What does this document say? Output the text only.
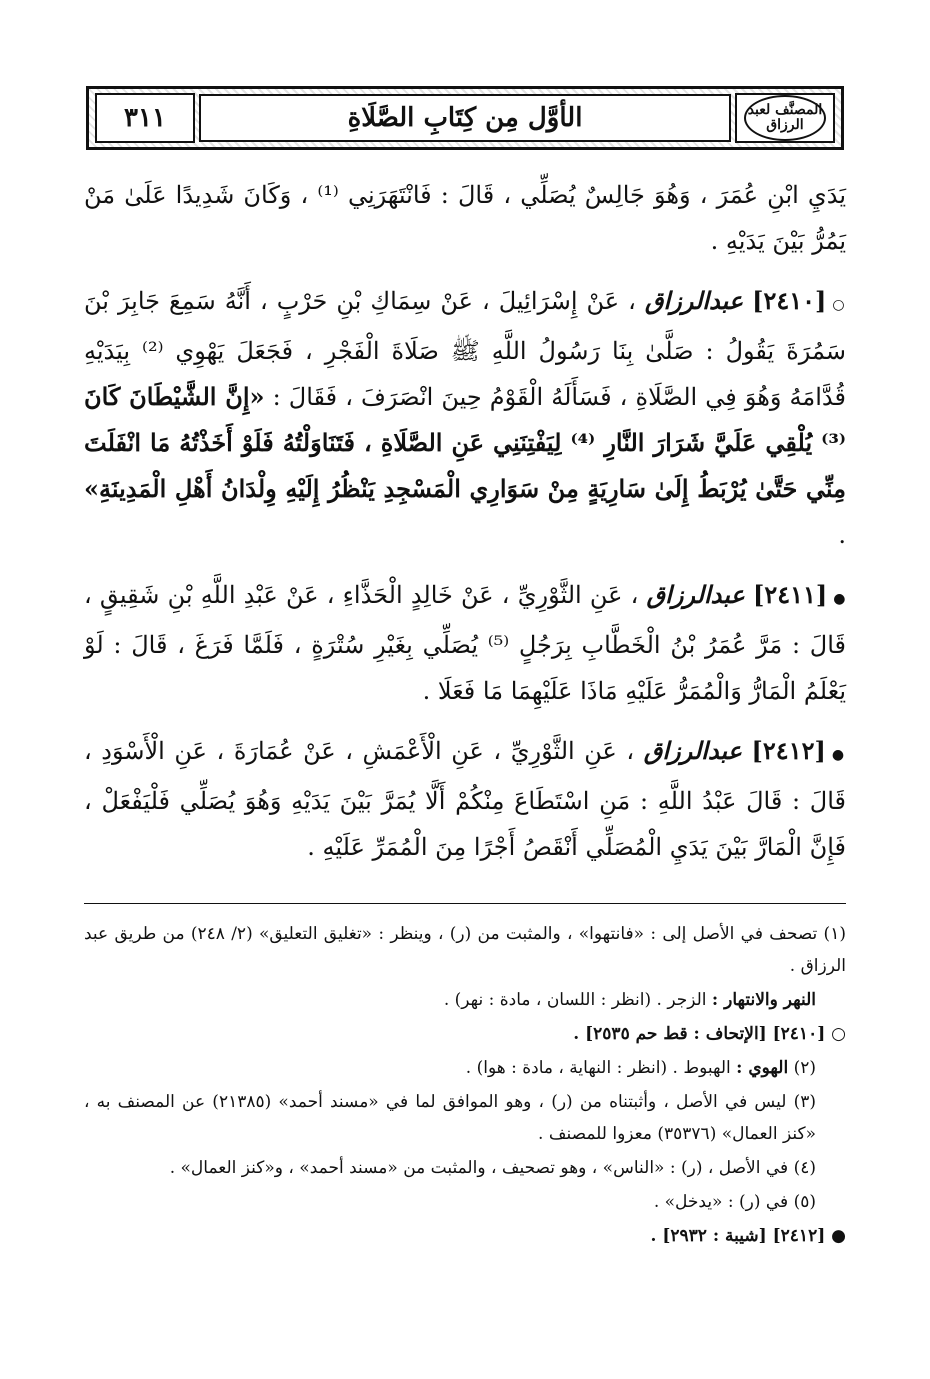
المصنَّف لعبد الرزاق
الأوَّل مِن كِتَابِ الصَّلَاةِ
٣١١

يَدَيِ ابْنِ عُمَرَ ، وَهُوَ جَالِسٌ يُصَلِّي ، قَالَ : فَانْتَهَرَنِي ⁽¹⁾ ، وَكَانَ شَدِيدًا عَلَىٰ مَنْ يَمُرُّ بَيْنَ يَدَيْهِ .

○[٢٤١٠] عبدالرزاق ، عَنْ إِسْرَائِيلَ ، عَنْ سِمَاكِ بْنِ حَرْبٍ ، أَنَّهُ سَمِعَ جَابِرَ بْنَ سَمُرَةَ يَقُولُ : صَلَّىٰ بِنَا رَسُولُ اللَّهِ ﷺ صَلَاةَ الْفَجْرِ ، فَجَعَلَ يَهْوِي ⁽²⁾ بِيَدَيْهِ قُدَّامَهُ وَهُوَ فِي الصَّلَاةِ ، فَسَأَلَهُ الْقَوْمُ حِينَ انْصَرَفَ ، فَقَالَ : «إِنَّ الشَّيْطَانَ كَانَ ⁽³⁾ يُلْقِي عَلَيَّ شَرَارَ النَّارِ ⁽⁴⁾ لِيَفْتِنَنِي عَنِ الصَّلَاةِ ، فَتَنَاوَلْتُهُ فَلَوْ أَخَذْتُهُ مَا انْفَلَتَ مِنِّي حَتَّىٰ يُرْبَطُ إِلَىٰ سَارِيَةٍ مِنْ سَوَارِي الْمَسْجِدِ يَنْظُرُ إِلَيْهِ وِلْدَانُ أَهْلِ الْمَدِينَةِ» .

●[٢٤١١] عبدالرزاق ، عَنِ الثَّوْرِيِّ ، عَنْ خَالِدٍ الْحَذَّاءِ ، عَنْ عَبْدِ اللَّهِ بْنِ شَقِيقٍ ، قَالَ : مَرَّ عُمَرُ بْنُ الْخَطَّابِ بِرَجُلٍ ⁽⁵⁾ يُصَلِّي بِغَيْرِ سُتْرَةٍ ، فَلَمَّا فَرَغَ ، قَالَ : لَوْ يَعْلَمُ الْمَارُّ وَالْمُمَرُّ عَلَيْهِ مَاذَا عَلَيْهِمَا مَا فَعَلَا .

●[٢٤١٢] عبدالرزاق ، عَنِ الثَّوْرِيِّ ، عَنِ الْأَعْمَشِ ، عَنْ عُمَارَةَ ، عَنِ الْأَسْوَدِ ، قَالَ : قَالَ عَبْدُ اللَّهِ : مَنِ اسْتَطَاعَ مِنْكُمْ أَلَّا يُمَرَّ بَيْنَ يَدَيْهِ وَهُوَ يُصَلِّي فَلْيَفْعَلْ ، فَإِنَّ الْمَارَّ بَيْنَ يَدَيِ الْمُصَلِّي أَنْقَصُ أَجْرًا مِنَ الْمُمَرِّ عَلَيْهِ .

(١) تصحف في الأصل إلى : «فانتهوا» ، والمثبت من (ر) ، وينظر : «تغليق التعليق» (٢/ ٢٤٨) من طريق عبد الرزاق .

النهر والانتهار : الزجر . (انظر : اللسان ، مادة : نهر) .

○ [٢٤١٠] [الإتحاف : قط حم ٢٥٣٥] .

(٢) الهوي : الهبوط . (انظر : النهاية ، مادة : هوا) .

(٣) ليس في الأصل ، وأثبتناه من (ر) ، وهو الموافق لما في «مسند أحمد» (٢١٣٨٥) عن المصنف به ، «كنز العمال» (٣٥٣٧٦) معزوا للمصنف .

(٤) في الأصل ، (ر) : «الناس» ، وهو تصحيف ، والمثبت من «مسند أحمد» ، و«كنز العمال» .

(٥) في (ر) : «يدخل» .

● [٢٤١٢] [شيبة : ٢٩٣٢] .
